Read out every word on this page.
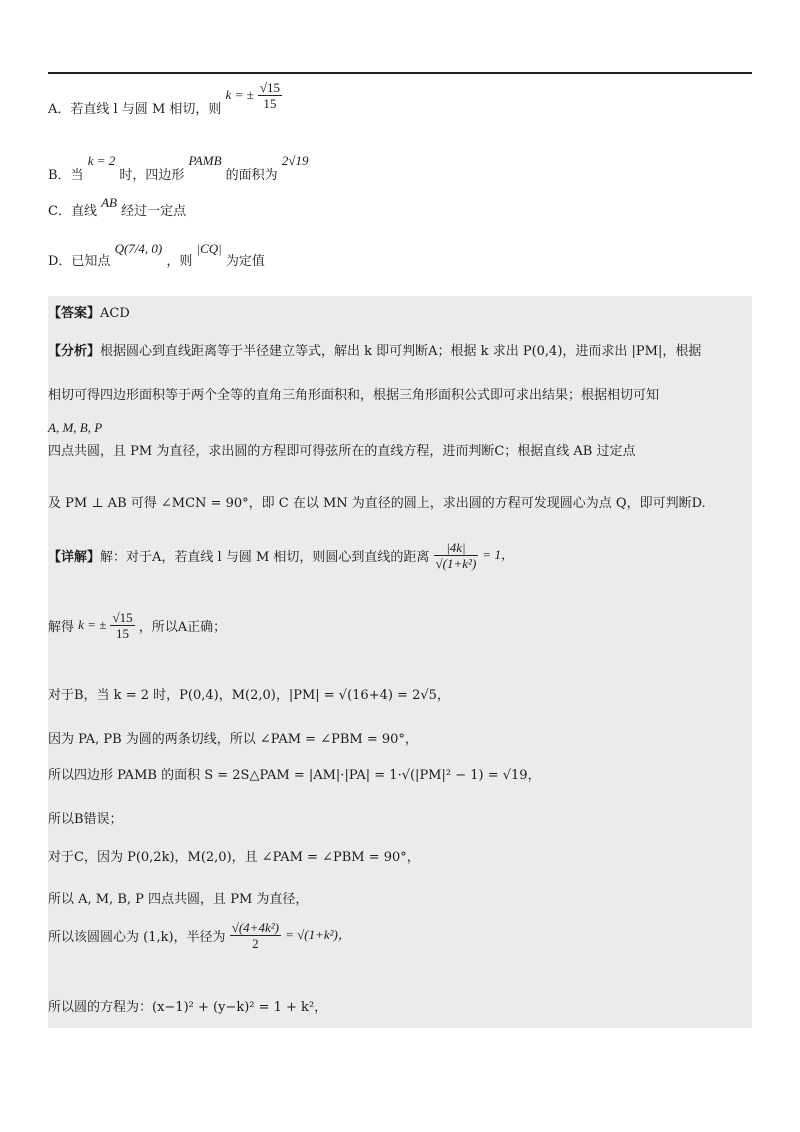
A．若直线 l 与圆 M 相切，则 k = ± $\frac{√15}{15}$
B．当 k = 2 时，四边形 PAMB 的面积为 2√19
C．直线 AB 经过一定点
D．已知点 Q(7/4, 0) ，则 |CQ| 为定值
【答案】ACD
【分析】根据圆心到直线距离等于半径建立等式，解出 k 即可判断A；根据 k 求出 P(0,4)，进而求出 |PM|，根据
相切可得四边形面积等于两个全等的直角三角形面积和，根据三角形面积公式即可求出结果；根据相切可知
A, M, B, P
四点共圆，且 PM 为直径，求出圆的方程即可得弦所在的直线方程，进而判断C；根据直线 AB 过定点
及 PM ⊥ AB 可得 ∠MCN = 90°，即 C 在以 MN 为直径的圆上，求出圆的方程可发现圆心为点 Q，即可判断D.
【详解】解：对于A，若直线 l 与圆 M 相切，则圆心到直线的距离 $\frac{|4k|}{\text{√(1+k²)}} = 1$，
解得 k = ± $\frac{√15}{15}$ ，所以A正确；
对于B，当 k = 2 时，P(0,4)，M(2,0)，|PM| = √(16+4) = 2√5，
因为 PA, PB 为圆的两条切线，所以 ∠PAM = ∠PBM = 90°，
所以四边形 PAMB 的面积 S = 2S△PAM = |AM|·|PA| = 1·√(|PM|² − 1) = √19，
所以B错误；
对于C，因为 P(0,2k)，M(2,0)，且 ∠PAM = ∠PBM = 90°，
所以 A, M, B, P 四点共圆，且 PM 为直径，
所以该圆圆心为 (1,k)，半径为 $\frac{\text{√(4+4k²)}}{2} = √(1+k^2)$，
所以圆的方程为：(x−1)² + (y−k)² = 1 + k²，
